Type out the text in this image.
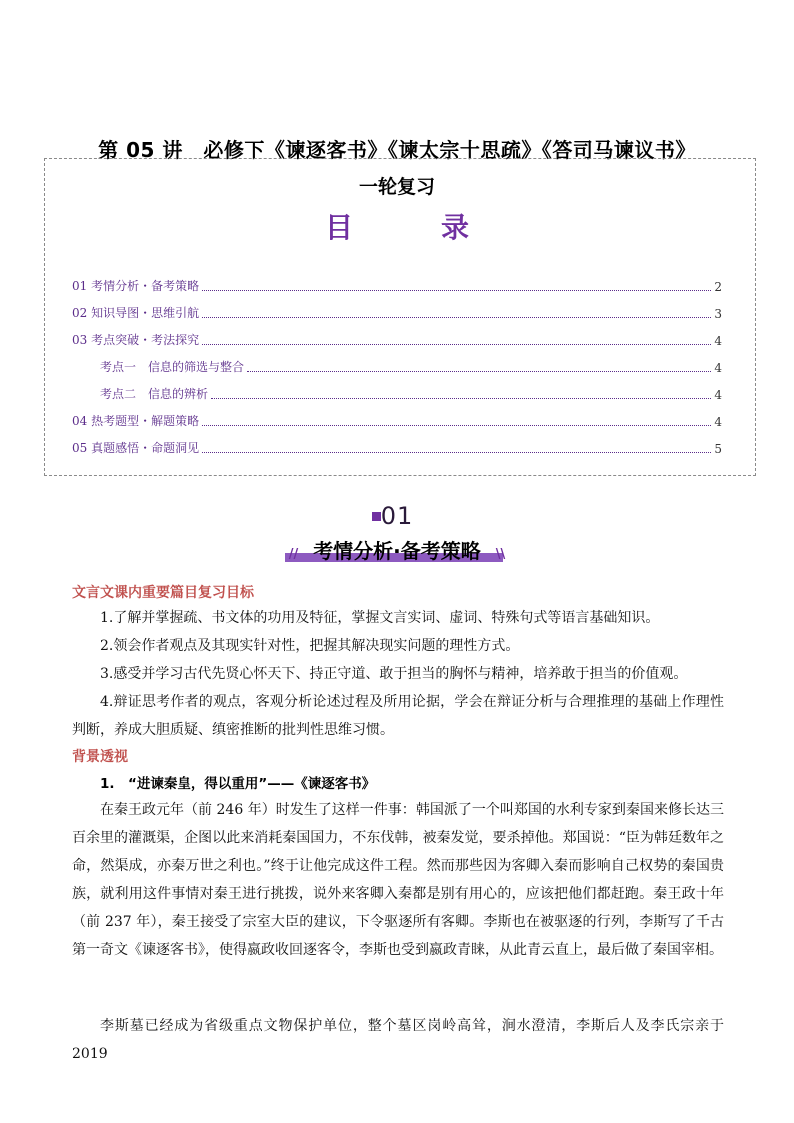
第 05 讲　必修下《谏逐客书》《谏太宗十思疏》《答司马谏议书》
一轮复习
目　录
01 考情分析・备考策略	2
02 知识导图・思维引航	3
03 考点突破・考法探究	4
考点一　信息的筛选与整合	4
考点二　信息的辨析	4
04 热考题型・解题策略	4
05 真题感悟・命题洞见	5
01
// 考情分析·备考策略 \\
文言文课内重要篇目复习目标
1.了解并掌握疏、书文体的功用及特征，掌握文言实词、虚词、特殊句式等语言基础知识。
2.领会作者观点及其现实针对性，把握其解决现实问题的理性方式。
3.感受并学习古代先贤心怀天下、持正守道、敢于担当的胸怀与精神，培养敢于担当的价值观。
4.辩证思考作者的观点，客观分析论述过程及所用论据，学会在辩证分析与合理推理的基础上作理性判断，养成大胆质疑、缜密推断的批判性思维习惯。
背景透视
1.　“进谏秦皇，得以重用”——《谏逐客书》
在秦王政元年（前 246 年）时发生了这样一件事：韩国派了一个叫郑国的水利专家到秦国来修长达三百余里的灌溉渠，企图以此来消耗秦国国力，不东伐韩，被秦发觉，要杀掉他。郑国说：“臣为韩廷数年之命，然渠成，亦秦万世之利也。”终于让他完成这件工程。然而那些因为客卿入秦而影响自己权势的秦国贵族，就利用这件事情对秦王进行挑拨，说外来客卿入秦都是别有用心的，应该把他们都赶跑。秦王政十年（前 237 年），秦王接受了宗室大臣的建议，下令驱逐所有客卿。李斯也在被驱逐的行列，李斯写了千古第一奇文《谏逐客书》，使得嬴政收回逐客令，李斯也受到嬴政青睐，从此青云直上，最后做了秦国宰相。
李斯墓已经成为省级重点文物保护单位，整个墓区岗岭高耸，涧水澄清，李斯后人及李氏宗亲于 2019
